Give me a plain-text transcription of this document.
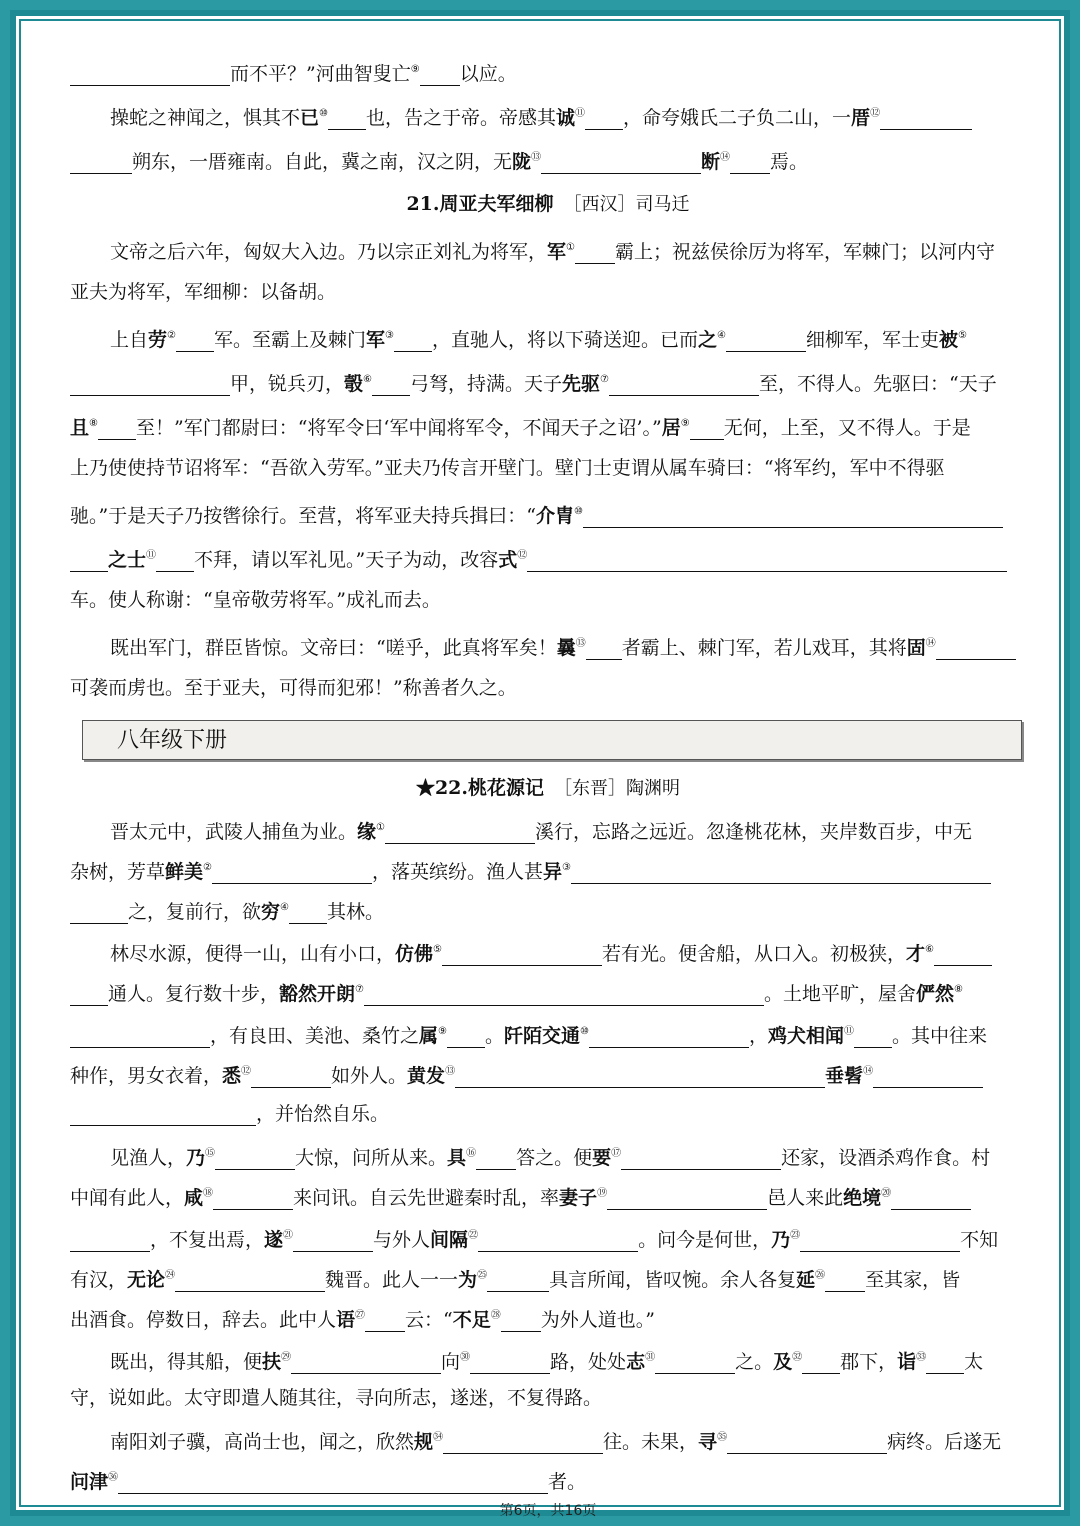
而不平？”河曲智叟亡⑨ 以应。
操蛇之神闻之，惧其不已⑩ 也，告之于帝。帝感其诚⑪ ，命夸娥氏二子负二山，一厝⑫
朔东，一厝雍南。自此，冀之南，汉之阴，无陇⑬	断⑭ 焉。
21.周亚夫军细柳　 ［西汉］司马迁
文帝之后六年，匈奴大入边。乃以宗正刘礼为将军，军① 霸上；祝兹侯徐厉为将军，军棘门；以河内守
亚夫为将军，军细柳：以备胡。
上自劳② 军。至霸上及棘门军③ ，直驰人，将以下骑送迎。已而之④	细柳军，军士吏被⑤
甲，锐兵刃，彀⑥ 弓弩，持满。天子先驱⑦	至，不得人。先驱曰：“天子
且⑧ 至！”军门都尉曰：“将军令曰‘军中闻将军令，不闻天子之诏’。”居⑨ 无何，上至，又不得人。于是
上乃使使持节诏将军：“吾欲入劳军。”亚夫乃传言开壁门。壁门士吏谓从属车骑曰：“将军约，军中不得驱
驰。”于是天子乃按辔徐行。至营，将军亚夫持兵揖曰：“介胄⑩
之士⑪ 不拜，请以军礼见。”天子为动，改容式⑫
车。使人称谢：“皇帝敬劳将军。”成礼而去。
既出军门，群臣皆惊。文帝曰：“嗟乎，此真将军矣！曩⑬ 者霸上、棘门军，若儿戏耳，其将固⑭
可袭而虏也。至于亚夫，可得而犯邪！”称善者久之。
八年级下册
★22.桃花源记　 ［东晋］陶渊明
晋太元中，武陵人捕鱼为业。缘①	溪行，忘路之远近。忽逢桃花林，夹岸数百步，中无
杂树，芳草鲜美②	，落英缤纷。渔人甚异③
之，复前行，欲穷④ 其林。
林尽水源，便得一山，山有小口，仿佛⑤	若有光。便舍船，从口入。初极狭，才⑥
通人。复行数十步，豁然开朗⑦	。土地平旷，屋舍俨然⑧
，有良田、美池、桑竹之属⑨ 。阡陌交通⑩	，鸡犬相闻⑪ 。其中往来
种作，男女衣着，悉⑫	如外人。黄发⑬	垂髫⑭
，并怡然自乐。
见渔人，乃⑮	大惊，问所从来。具⑯ 答之。便要⑰	还家，设酒杀鸡作食。村
中闻有此人，咸⑱	来问讯。自云先世避秦时乱，率妻子⑲	邑人来此绝境⑳
，不复出焉，遂$^㉑$	与外人间隔$^㉒$	。问今是何世，乃$^㉓$	不知
有汉，无论$^㉔$	魏晋。此人一一为$^㉕$	具言所闻，皆叹惋。余人各复延$^㉖$ 至其家，皆
出酒食。停数日，辞去。此中人语$^㉗$ 云：“不足$^㉘$ 为外人道也。”
既出，得其船，便扶$^㉙$	向$^㉚$	路，处处志$^㉛$	之。及$^㉜$ 郡下，诣$^㉝$ 太
守，说如此。太守即遣人随其往，寻向所志，遂迷，不复得路。
南阳刘子骥，高尚士也，闻之，欣然规$^㉞$	往。未果，寻$^㉟$	病终。后遂无
问津$^㊱$	者。
第6页，共16页
